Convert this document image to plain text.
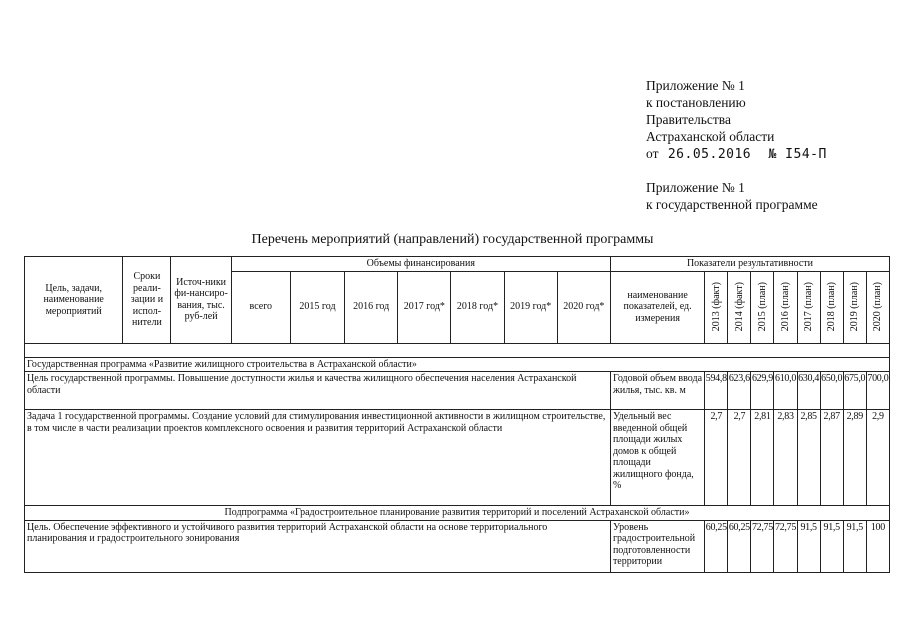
Приложение № 1
к постановлению
Правительства
Астраханской области
от 26.05.2016 № I54-П
Приложение № 1
к государственной программе
Перечень мероприятий (направлений) государственной программы
Цель, задачи, наименование мероприятий	Сроки реали-зации и испол-нители	Источ-ники фи-нансиро-вания, тыс. руб-лей	Объемы финансирования							Показатели результативности								
			всего	2015 год	2016 год	2017 год*	2018 год*	2019 год*	2020 год*	наименование показателей, ед. измерения	2013 (факт)	2014 (факт)	2015 (план)	2016 (план)	2017 (план)	2018 (план)	2019 (план)	2020 (план)

Государственная программа «Развитие жилищного строительства в Астраханской области»																		
Цель государственной программы. Повышение доступности жилья и качества жилищного обеспечения населения Астраханской области										Годовой объем ввода жилья, тыс. кв. м	594,8	623,6	629,9	610,0	630,4	650,0	675,0	700,0
Задача 1 государственной программы. Создание условий для стимулирования инвестиционной активности в жилищном строительстве, в том числе в части реализации проектов комплексного освоения и развития территорий Астраханской области										Удельный вес введенной общей площади жилых домов к общей площади жилищного фонда, %	2,7	2,7	2,81	2,83	2,85	2,87	2,89	2,9
Подпрограмма «Градостроительное планирование развития территорий и поселений Астраханской области»																		
Цель. Обеспечение эффективного и устойчивого развития территорий Астраханской области на основе территориального планирования и градостроительного зонирования										Уровень градостроительной подготовленности территории	60,25	60,25	72,75	72,75	91,5	91,5	91,5	100
